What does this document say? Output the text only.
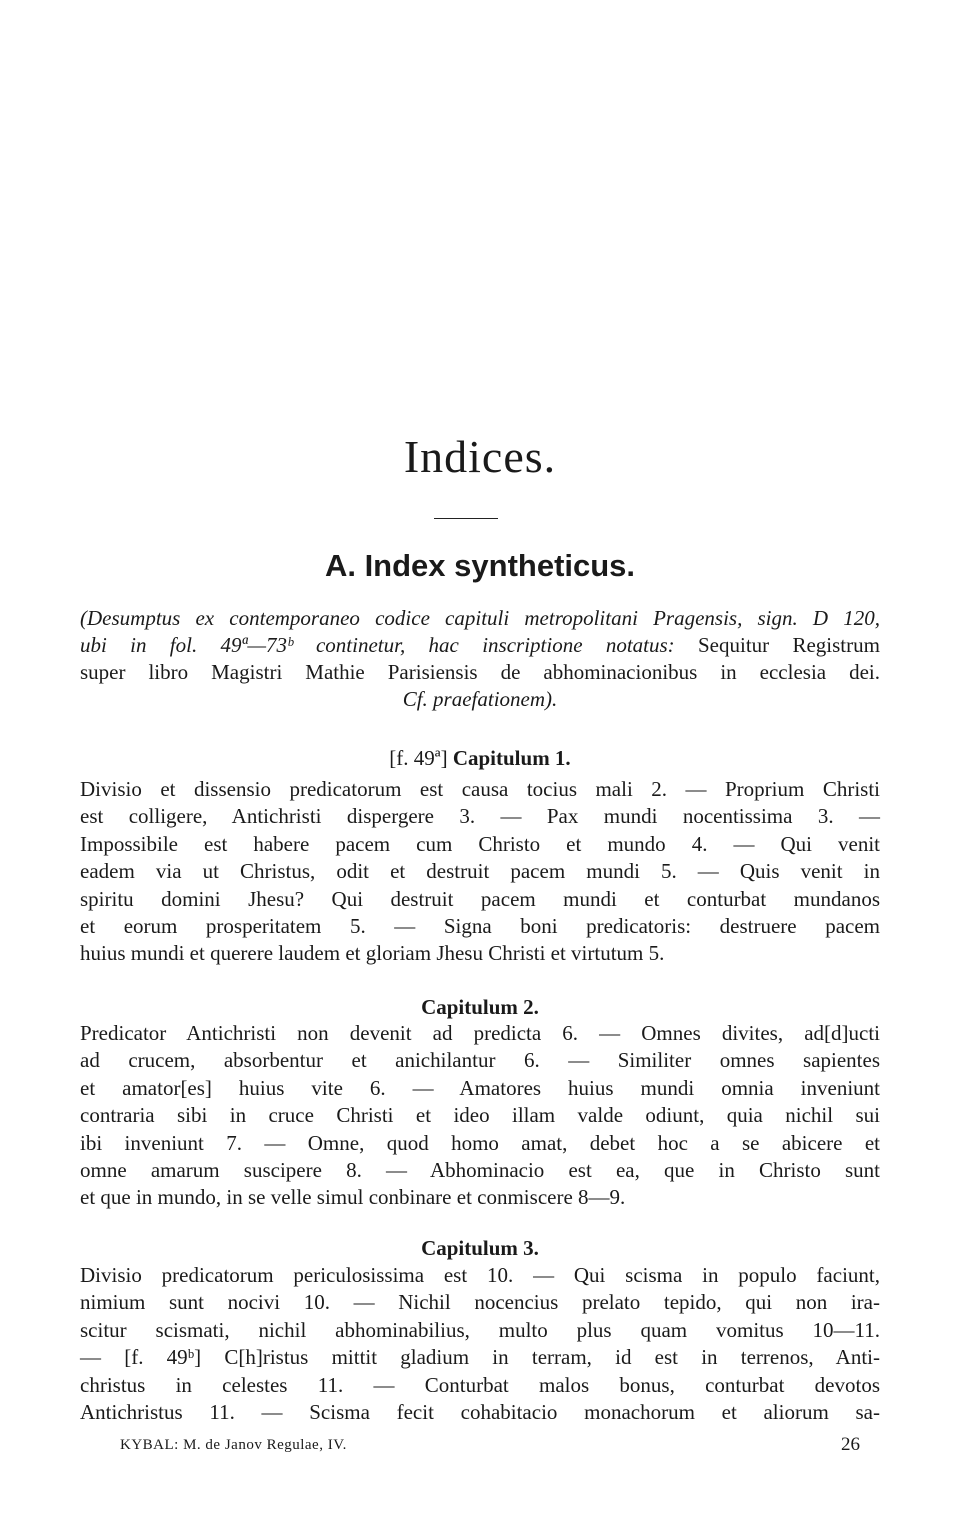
Indices.
A. Index syntheticus.

(Desumptus ex contemporaneo codice capituli metropolitani Pragensis, sign. D 120,

ubi in fol. 49ª—73ᵇ continetur, hac inscriptione notatus: Sequitur Registrum

super libro Magistri Mathie Parisiensis de abhominacionibus in ecclesia dei.

Cf. praefationem).

[f. 49ª] Capitulum 1.

Divisio et dissensio predicatorum est causa tocius mali 2. — Proprium Christi

est colligere, Antichristi dispergere 3. — Pax mundi nocentissima 3. —

Impossibile est habere pacem cum Christo et mundo 4. — Qui venit

eadem via ut Christus, odit et destruit pacem mundi 5. — Quis venit in

spiritu domini Jhesu? Qui destruit pacem mundi et conturbat mundanos

et eorum prosperitatem 5. — Signa boni predicatoris: destruere pacem

huius mundi et querere laudem et gloriam Jhesu Christi et virtutum 5.

Capitulum 2.

Predicator Antichristi non devenit ad predicta 6. — Omnes divites, ad[d]ucti

ad crucem, absorbentur et anichilantur 6. — Similiter omnes sapientes

et amator[es] huius vite 6. — Amatores huius mundi omnia inveniunt

contraria sibi in cruce Christi et ideo illam valde odiunt, quia nichil sui

ibi inveniunt 7. — Omne, quod homo amat, debet hoc a se abicere et

omne amarum suscipere 8. — Abhominacio est ea, que in Christo sunt

et que in mundo, in se velle simul conbinare et conmiscere 8—9.

Capitulum 3.

Divisio predicatorum periculosissima est 10. — Qui scisma in populo faciunt,

nimium sunt nocivi 10. — Nichil nocencius prelato tepido, qui non ira-

scitur scismati, nichil abhominabilius, multo plus quam vomitus 10—11.

— [f. 49ᵇ] C[h]ristus mittit gladium in terram, id est in terrenos, Anti-

christus in celestes 11. — Conturbat malos bonus, conturbat devotos

Antichristus 11. — Scisma fecit cohabitacio monachorum et aliorum sa-

KYBAL: M. de Janov Regulae, IV.	26
